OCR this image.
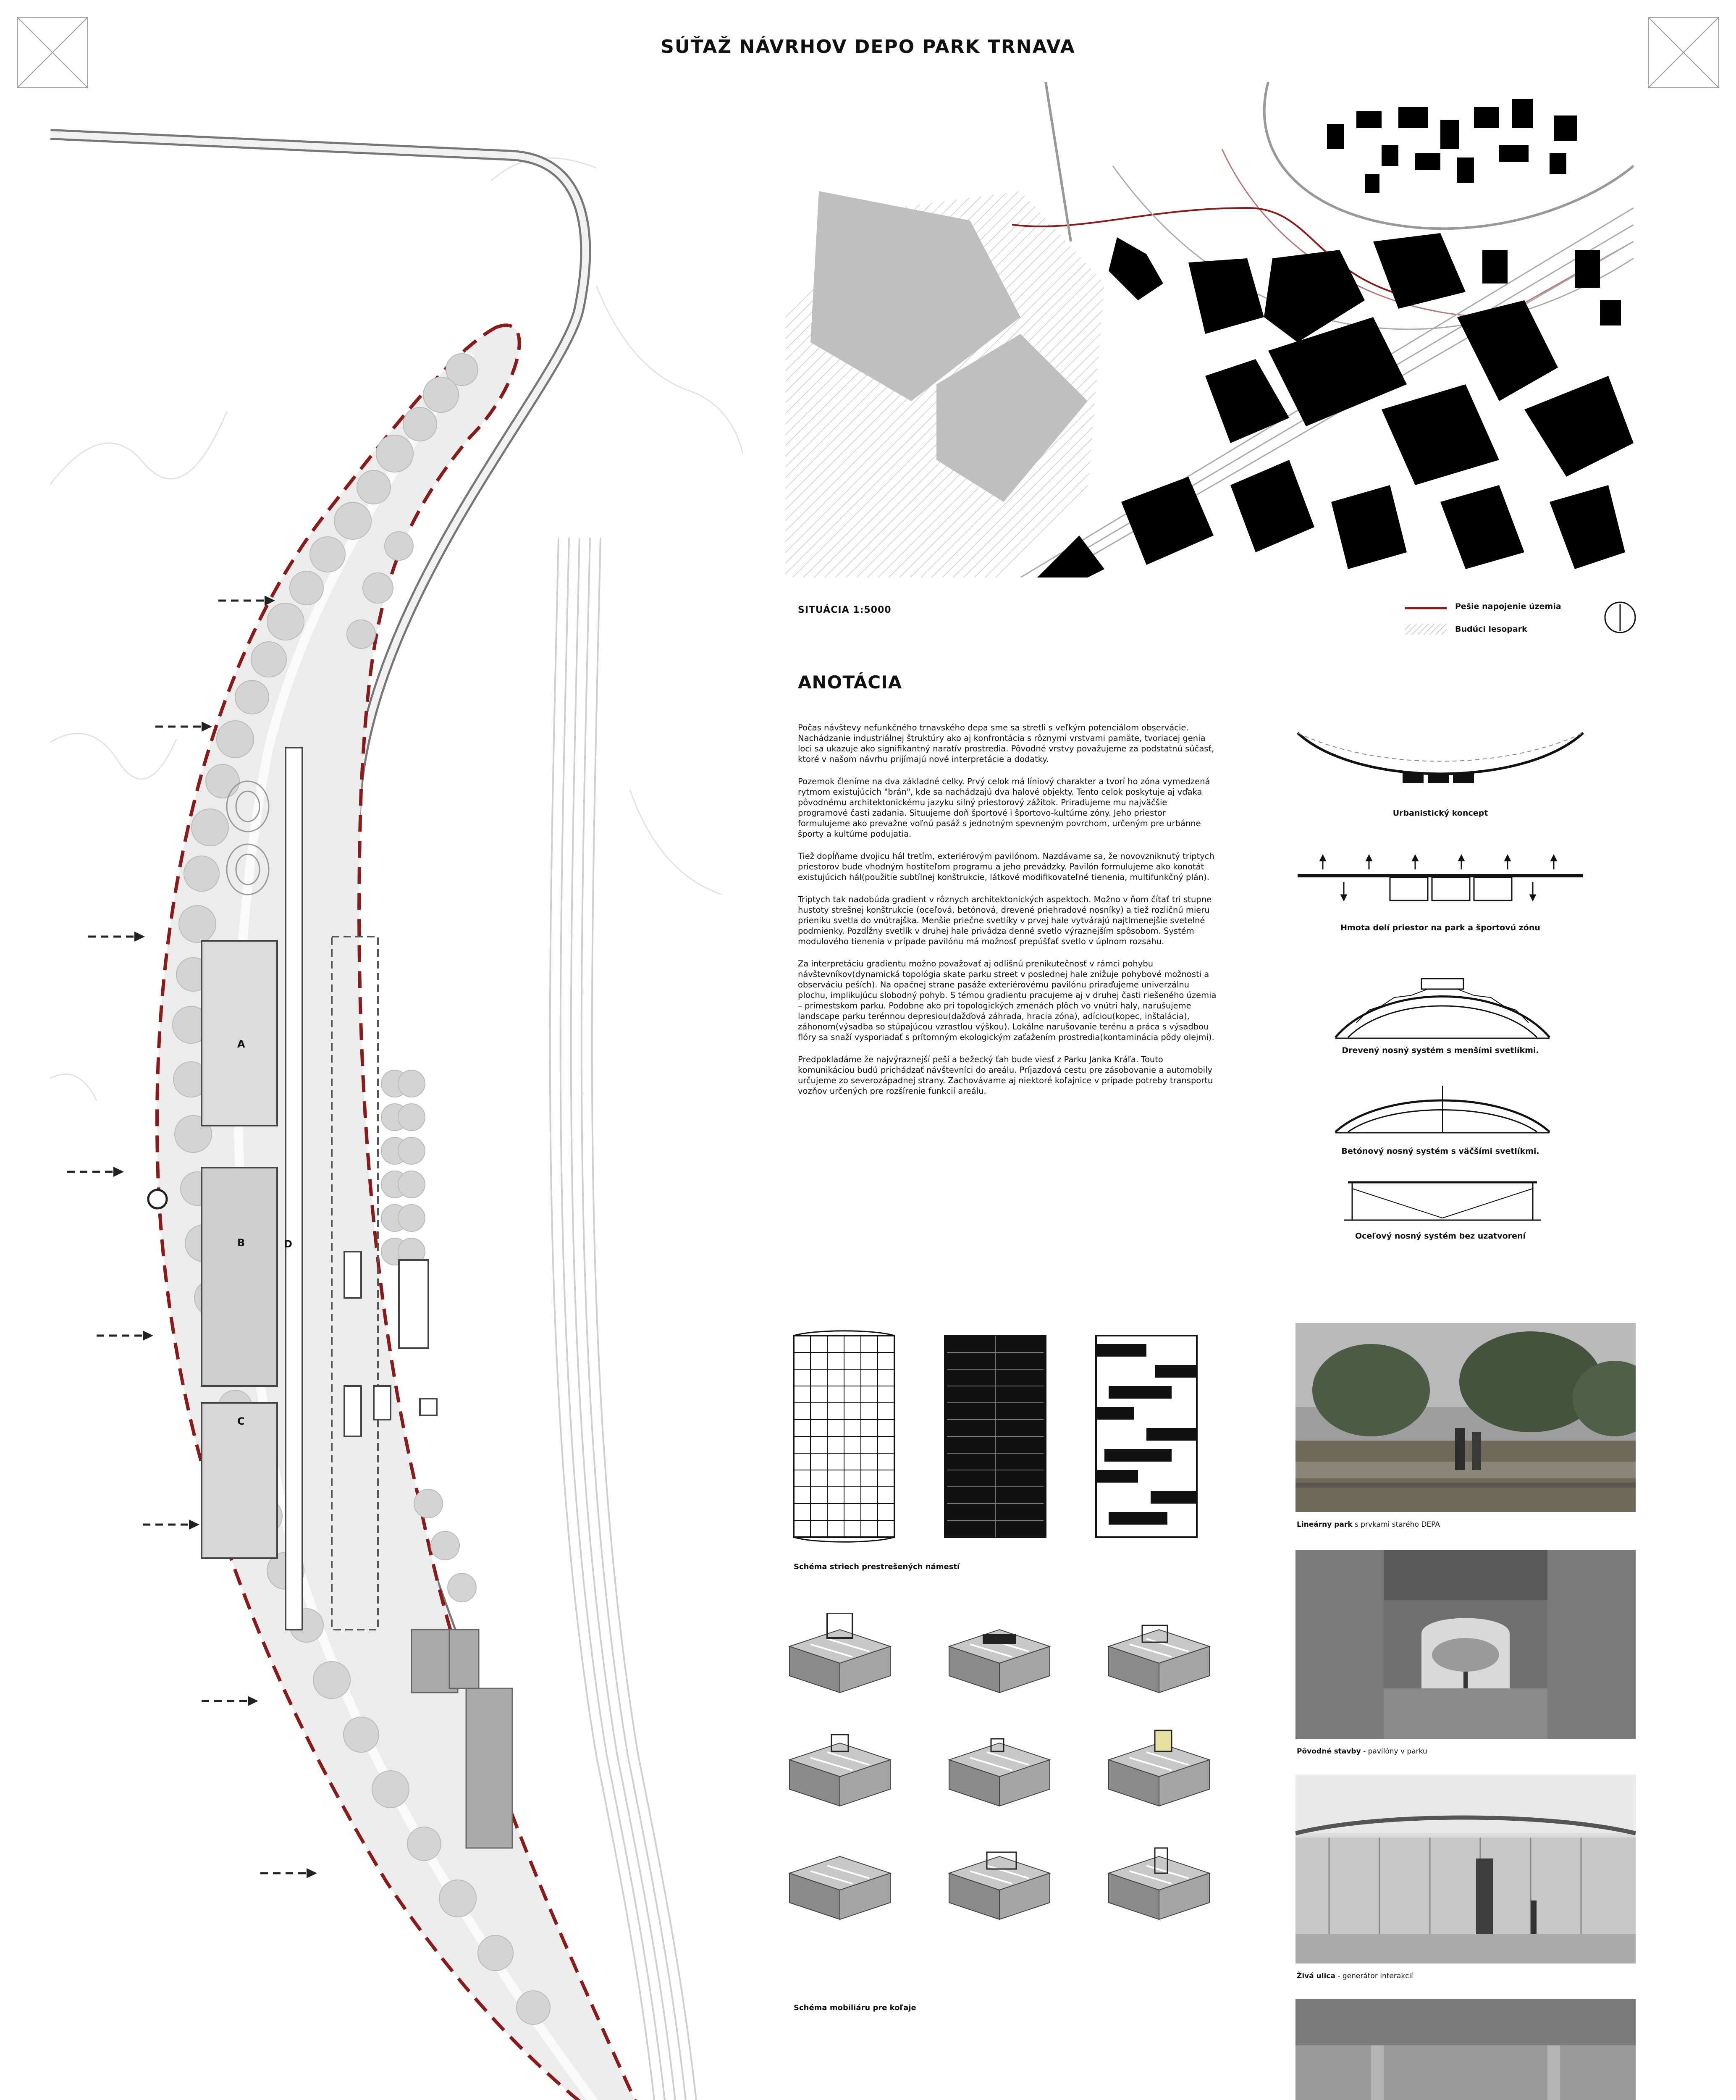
SÚŤAŽ NÁVRHOV DEPO PARK TRNAVA
A
B
C
D
SITUÁCIA 1:5000	Pešie napojenie územia
Budúci lesopark
ANOTÁCIA

Počas návštevy nefunkčného trnavského depa sme sa stretli s veľkým potenciálom observácie. Nachádzanie industriálnej štruktúry ako aj konfrontácia s rôznymi vrstvami pamäte, tvoriacej genia loci sa ukazuje ako signifikantný naratív prostredia. Pôvodné vrstvy považujeme za podstatnú súčasť, ktoré v našom návrhu prijímajú nové interpretácie a dodatky.

Pozemok členíme na dva základné celky. Prvý celok má líniový charakter a tvorí ho zóna vymedzená rytmom existujúcich "brán", kde sa nachádzajú dva halové objekty. Tento celok poskytuje aj vďaka pôvodnému architektonickému jazyku silný priestorový zážitok. Priraďujeme mu najväčšie programové časti zadania. Situujeme doň športové i športovo-kultúrne zóny. Jeho priestor formulujeme ako prevažne voľnú pasáž s jednotným spevneným povrchom, určeným pre urbánne športy a kultúrne podujatia.

Tiež dopĺňame dvojicu hál tretím, exteriérovým pavilónom. Nazdávame sa, že novovzniknutý triptych priestorov bude vhodným hostiteľom programu a jeho prevádzky. Pavilón formulujeme ako konotát existujúcich hál(použitie subtílnej konštrukcie, látkové modifikovateľné tienenia, multifunkčný plán).

Triptych tak nadobúda gradient v rôznych architektonických aspektoch. Možno v ňom čítať tri stupne hustoty strešnej konštrukcie (oceľová, betónová, drevené priehradové nosníky) a tiež rozličnú mieru prieniku svetla do vnútrajška. Menšie priečne svetlíky v prvej hale vytvárajú najtlmenejšie svetelné podmienky. Pozdĺžny svetlík v druhej hale privádza denné svetlo výraznejším spôsobom. Systém modulového tienenia v prípade pavilónu má možnosť prepúšťať svetlo v úplnom rozsahu.

Za interpretáciu gradientu možno považovať aj odlišnú prenikutečnosť v rámci pohybu návštevníkov(dynamická topológia skate parku street v poslednej hale znižuje pohybové možnosti a observáciu peších). Na opačnej strane pasáže exteriérovému pavilónu priraďujeme univerzálnu plochu, implikujúcu slobodný pohyb. S témou gradientu pracujeme aj v druhej časti riešeného územia – prímestskom parku. Podobne ako pri topologických zmenách plôch vo vnútri haly, narušujeme landscape parku terénnou depresiou(dažďová záhrada, hracia zóna), adíciou(kopec, inštalácia), záhonom(výsadba so stúpajúcou vzrastlou výškou). Lokálne narušovanie terénu a práca s výsadbou flóry sa snaží vysporiadať s prítomným ekologickým zaťažením prostredia(kontaminácia pôdy olejmi).

Predpokladáme že najvýraznejší peší a bežecký ťah bude viesť z Parku Janka Kráľa. Touto komunikáciou budú prichádzať návštevníci do areálu. Príjazdová cestu pre zásobovanie a automobily určujeme zo severozápadnej strany. Zachovávame aj niektoré koľajnice v prípade potreby transportu vozňov určených pre rozšírenie funkcií areálu.

Urbanistický koncept
Hmota delí priestor na park a športovú zónu
Drevený nosný systém s menšími svetlíkmi.
Betónový nosný systém s väčšími svetlíkmi.
Oceľový nosný systém bez uzatvorení
Schéma striech prestrešených námestí
Schéma mobiliáru pre koľaje
Lineárny park s prvkami starého DEPA
Pôvodné stavby - pavilóny v parku
Živá ulica - generátor interakcií
